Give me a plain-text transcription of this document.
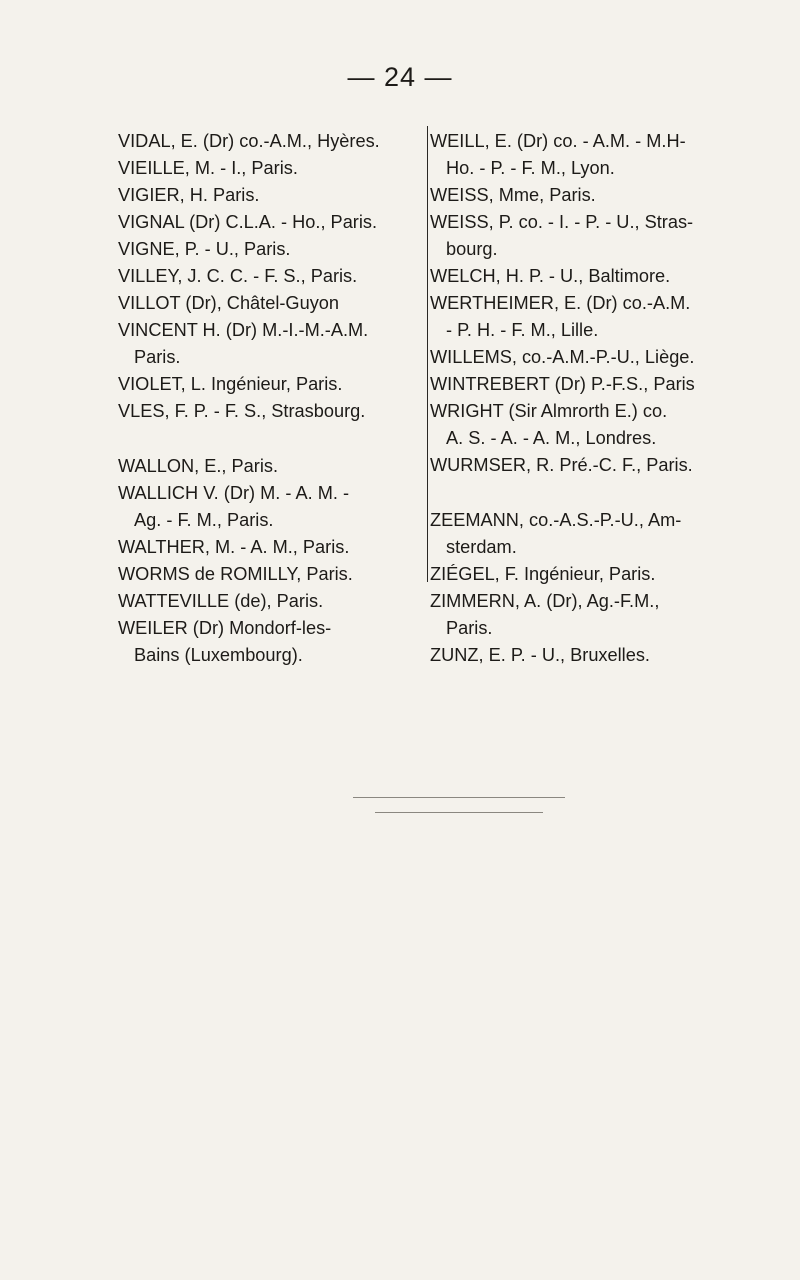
— 24 —
VIDAL, E. (Dr) co.-A.M., Hyères.
VIEILLE, M. - I., Paris.
VIGIER, H. Paris.
VIGNAL (Dr) C.L.A. - Ho., Paris.
VIGNE, P. - U., Paris.
VILLEY, J. C. C. - F. S., Paris.
VILLOT (Dr), Châtel-Guyon
VINCENT H. (Dr) M.-I.-M.-A.M.
Paris.
VIOLET, L. Ingénieur, Paris.
VLES, F. P. - F. S., Strasbourg.
WALLON, E., Paris.
WALLICH V. (Dr) M. - A. M. -
Ag. - F. M., Paris.
WALTHER, M. - A. M., Paris.
WORMS de ROMILLY, Paris.
WATTEVILLE (de), Paris.
WEILER (Dr) Mondorf-les-
Bains (Luxembourg).
WEILL, E. (Dr) co. - A.M. - M.H-
Ho. - P. - F. M., Lyon.
WEISS, Mme, Paris.
WEISS, P. co. - I. - P. - U., Stras-
bourg.
WELCH, H. P. - U., Baltimore.
WERTHEIMER, E. (Dr) co.-A.M.
- P. H. - F. M., Lille.
WILLEMS, co.-A.M.-P.-U., Liège.
WINTREBERT (Dr) P.-F.S., Paris
WRIGHT (Sir Almrorth E.) co.
A. S. - A. - A. M., Londres.
WURMSER, R. Pré.-C. F., Paris.
ZEEMANN, co.-A.S.-P.-U., Am-
sterdam.
ZIÉGEL, F. Ingénieur, Paris.
ZIMMERN, A. (Dr), Ag.-F.M.,
Paris.
ZUNZ, E. P. - U., Bruxelles.
